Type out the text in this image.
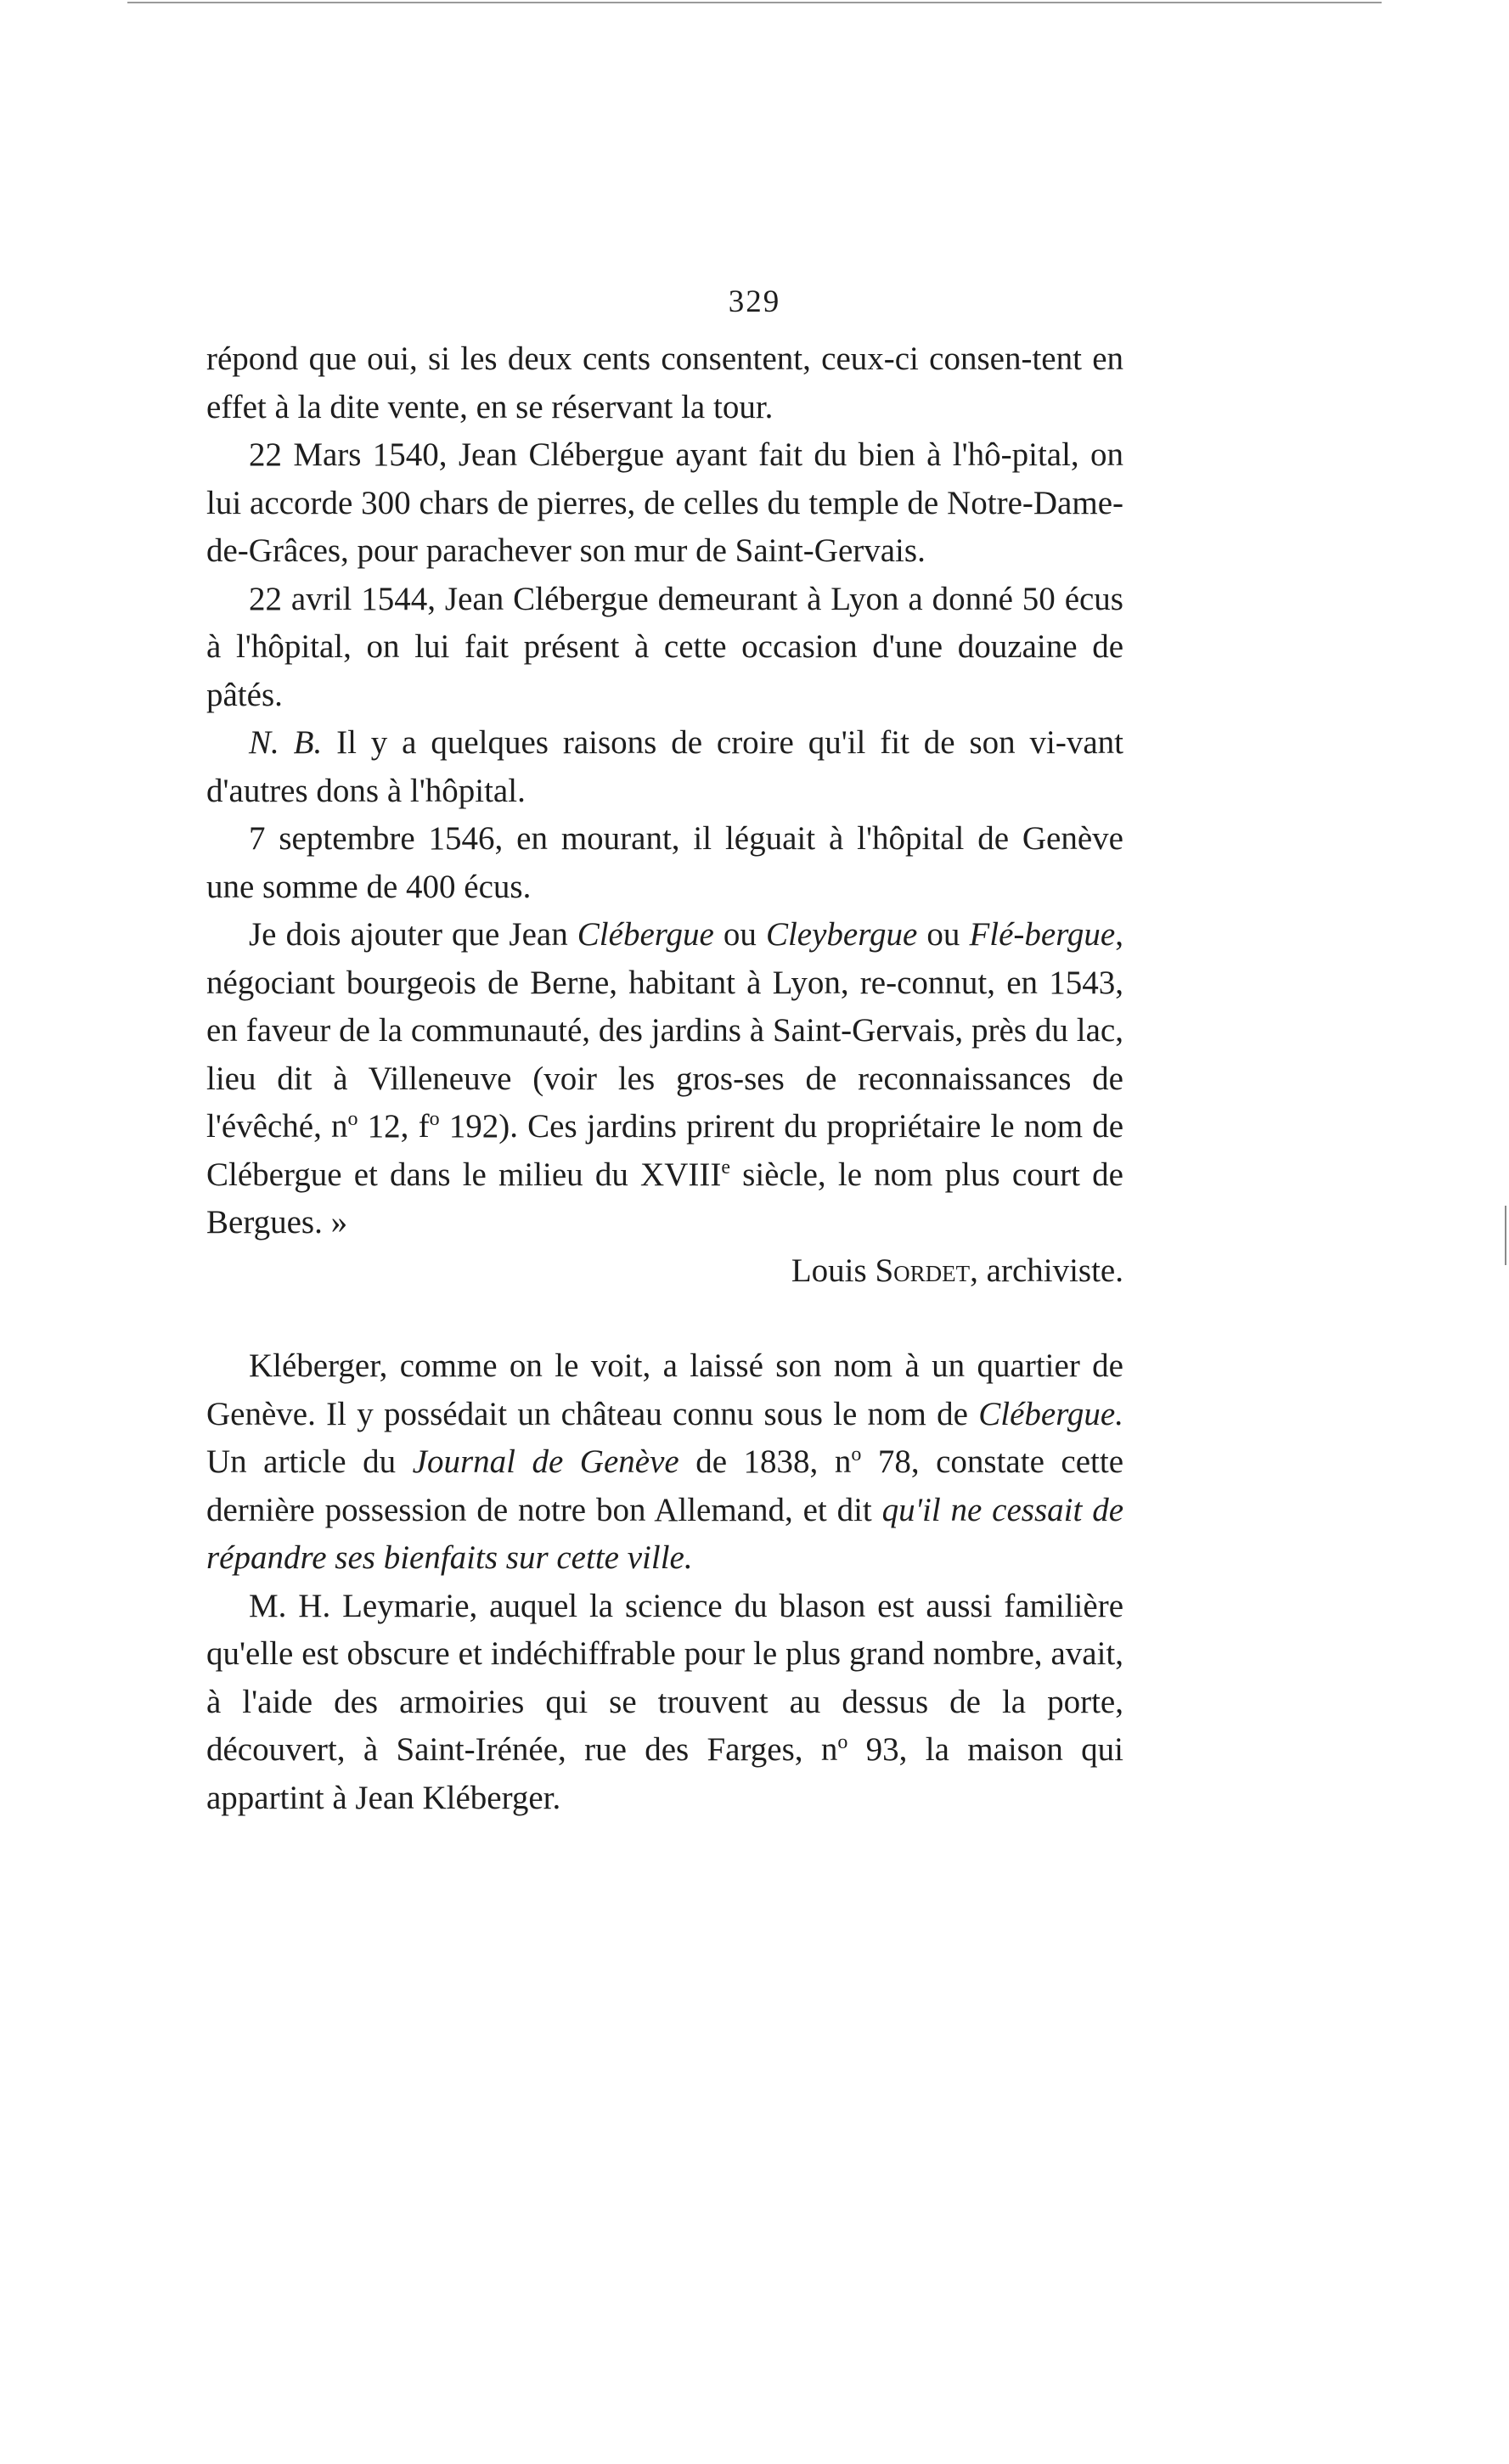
329

répond que oui, si les deux cents consentent, ceux-ci consen-tent en effet à la dite vente, en se réservant la tour.

22 Mars 1540, Jean Clébergue ayant fait du bien à l'hô-pital, on lui accorde 300 chars de pierres, de celles du temple de Notre-Dame-de-Grâces, pour parachever son mur de Saint-Gervais.

22 avril 1544, Jean Clébergue demeurant à Lyon a donné 50 écus à l'hôpital, on lui fait présent à cette occasion d'une douzaine de pâtés.

N. B. Il y a quelques raisons de croire qu'il fit de son vi-vant d'autres dons à l'hôpital.

7 septembre 1546, en mourant, il léguait à l'hôpital de Genève une somme de 400 écus.

Je dois ajouter que Jean Clébergue ou Cleybergue ou Flé-bergue, négociant bourgeois de Berne, habitant à Lyon, re-connut, en 1543, en faveur de la communauté, des jardins à Saint-Gervais, près du lac, lieu dit à Villeneuve (voir les gros-ses de reconnaissances de l'évêché, $n^o$ 12, $f^o$ 192). Ces jardins prirent du propriétaire le nom de Clébergue et dans le milieu du XVIIIe siècle, le nom plus court de Bergues. »

Louis Sordet, archiviste.

Kléberger, comme on le voit, a laissé son nom à un quartier de Genève. Il y possédait un château connu sous le nom de Clébergue. Un article du Journal de Genève de 1838, $n^o$ 78, constate cette dernière possession de notre bon Allemand, et dit qu'il ne cessait de répandre ses bienfaits sur cette ville.

M. H. Leymarie, auquel la science du blason est aussi familière qu'elle est obscure et indéchiffrable pour le plus grand nombre, avait, à l'aide des armoiries qui se trouvent au dessus de la porte, découvert, à Saint-Irénée, rue des Farges, $n^o$ 93, la maison qui appartint à Jean Kléberger.
